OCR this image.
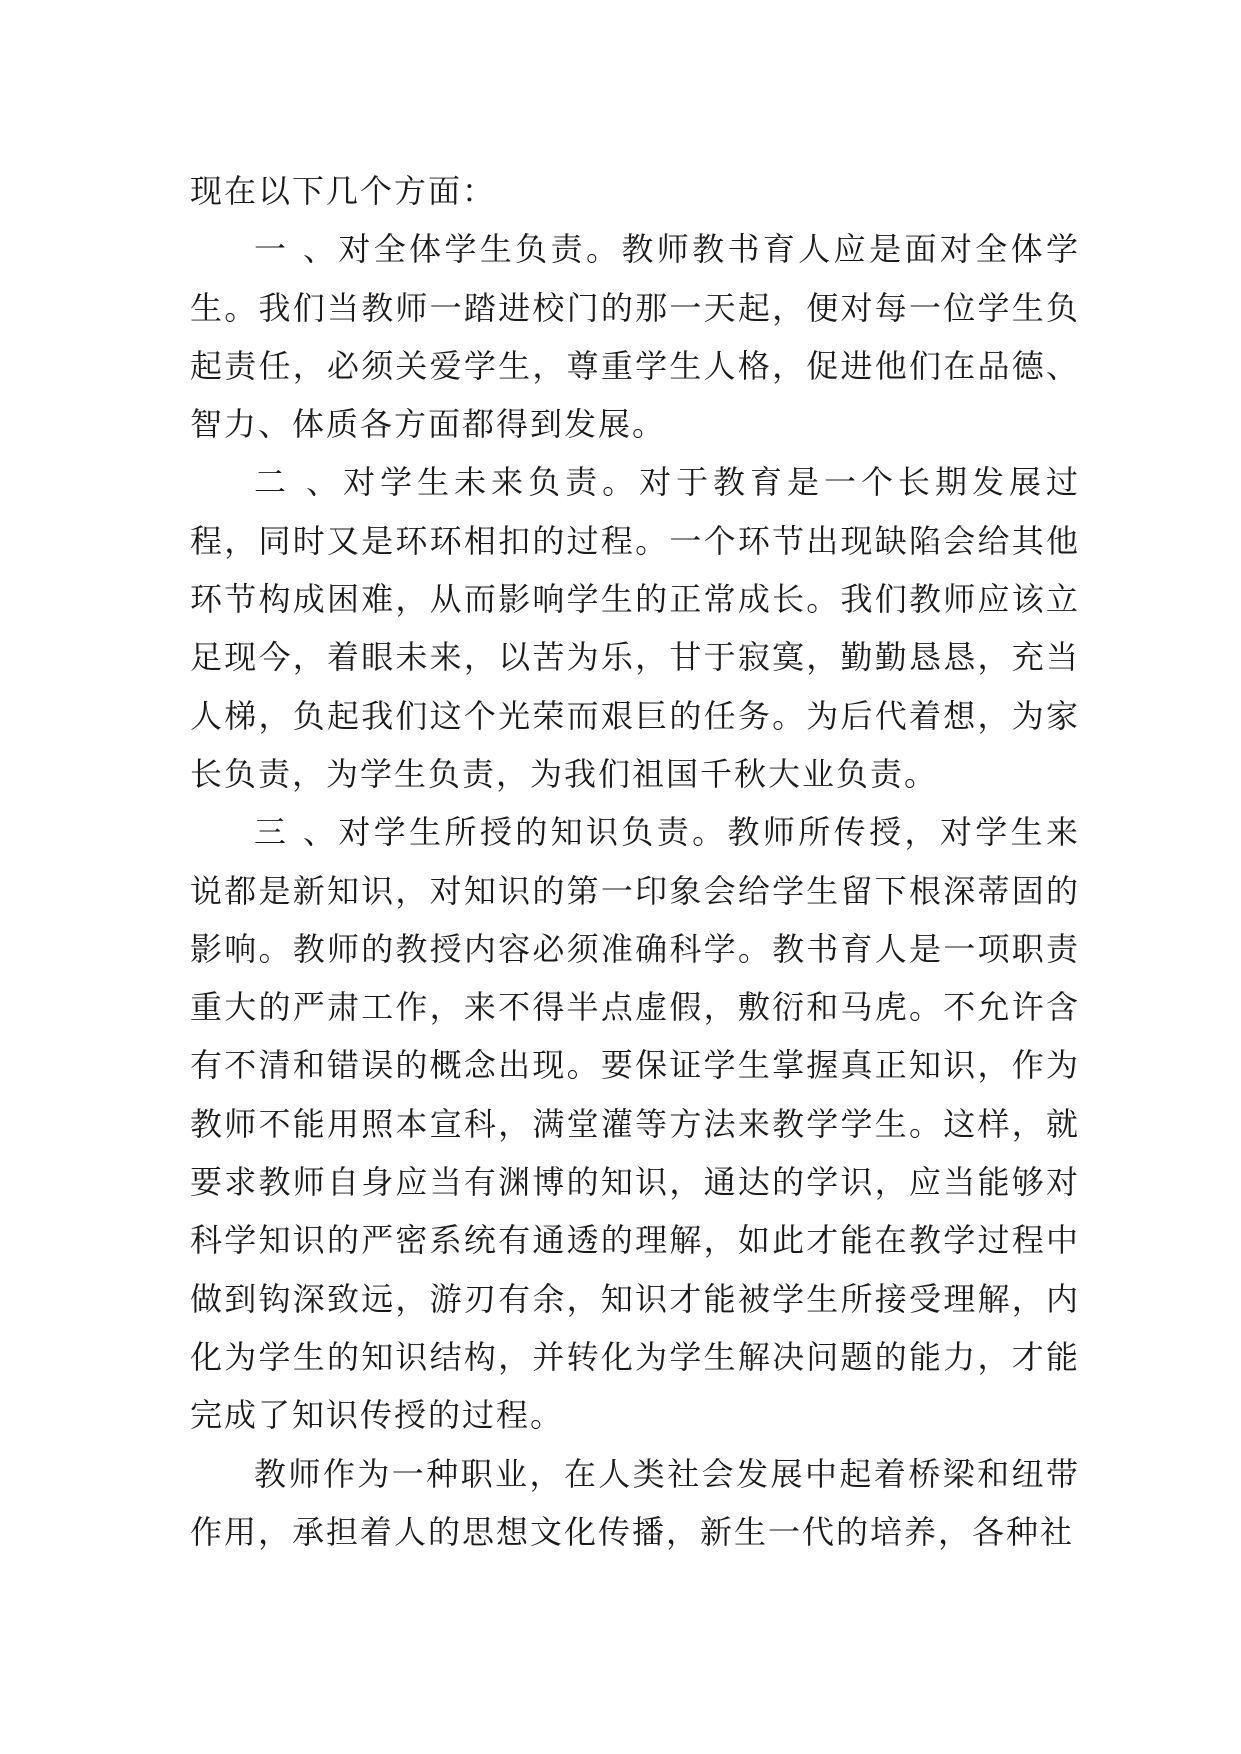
现在以下几个方面：

一 、对全体学生负责。教师教书育人应是面对全体学生。我们当教师一踏进校门的那一天起，便对每一位学生负起责任，必须关爱学生，尊重学生人格，促进他们在品德、智力、体质各方面都得到发展。

二 、对学生未来负责。对于教育是一个长期发展过程，同时又是环环相扣的过程。一个环节出现缺陷会给其他环节构成困难，从而影响学生的正常成长。我们教师应该立足现今，着眼未来，以苦为乐，甘于寂寞，勤勤恳恳，充当人梯，负起我们这个光荣而艰巨的任务。为后代着想，为家长负责，为学生负责，为我们祖国千秋大业负责。

三 、对学生所授的知识负责。教师所传授，对学生来说都是新知识，对知识的第一印象会给学生留下根深蒂固的影响。教师的教授内容必须准确科学。教书育人是一项职责重大的严肃工作，来不得半点虚假，敷衍和马虎。不允许含有不清和错误的概念出现。要保证学生掌握真正知识，作为教师不能用照本宣科，满堂灌等方法来教学学生。这样，就要求教师自身应当有渊博的知识，通达的学识，应当能够对科学知识的严密系统有通透的理解，如此才能在教学过程中做到钩深致远，游刃有余，知识才能被学生所接受理解，内化为学生的知识结构，并转化为学生解决问题的能力，才能完成了知识传授的过程。

教师作为一种职业，在人类社会发展中起着桥梁和纽带作用，承担着人的思想文化传播，新生一代的培养，各种社
